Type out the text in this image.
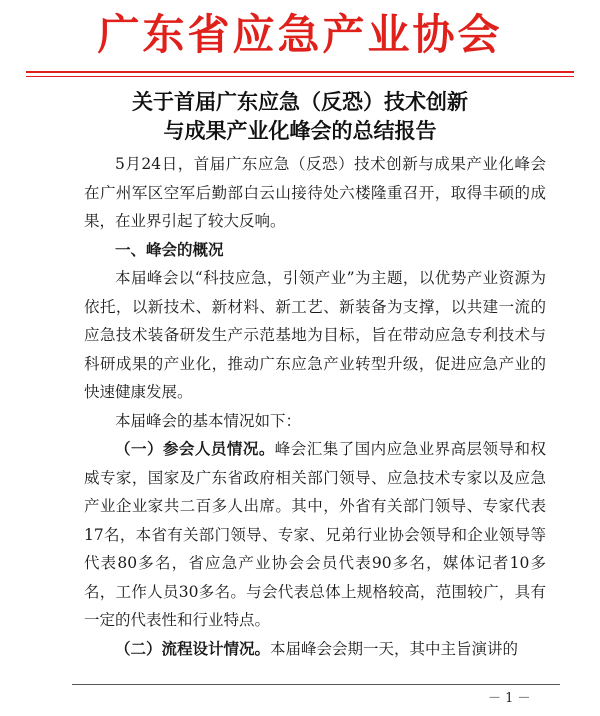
广东省应急产业协会
关于首届广东应急（反恐）技术创新
与成果产业化峰会的总结报告

5月24日，首届广东应急（反恐）技术创新与成果产业化峰会在广州军区空军后勤部白云山接待处六楼隆重召开，取得丰硕的成果，在业界引起了较大反响。

一、峰会的概况

本届峰会以“科技应急，引领产业”为主题，以优势产业资源为依托，以新技术、新材料、新工艺、新装备为支撑，以共建一流的应急技术装备研发生产示范基地为目标，旨在带动应急专利技术与科研成果的产业化，推动广东应急产业转型升级，促进应急产业的快速健康发展。

本届峰会的基本情况如下：

（一）参会人员情况。峰会汇集了国内应急业界高层领导和权威专家，国家及广东省政府相关部门领导、应急技术专家以及应急产业企业家共二百多人出席。其中，外省有关部门领导、专家代表17名，本省有关部门领导、专家、兄弟行业协会领导和企业领导等代表80多名，省应急产业协会会员代表90多名，媒体记者10多名，工作人员30多名。与会代表总体上规格较高，范围较广，具有一定的代表性和行业特点。

（二）流程设计情况。本届峰会会期一天，其中主旨演讲的

－ 1 －
